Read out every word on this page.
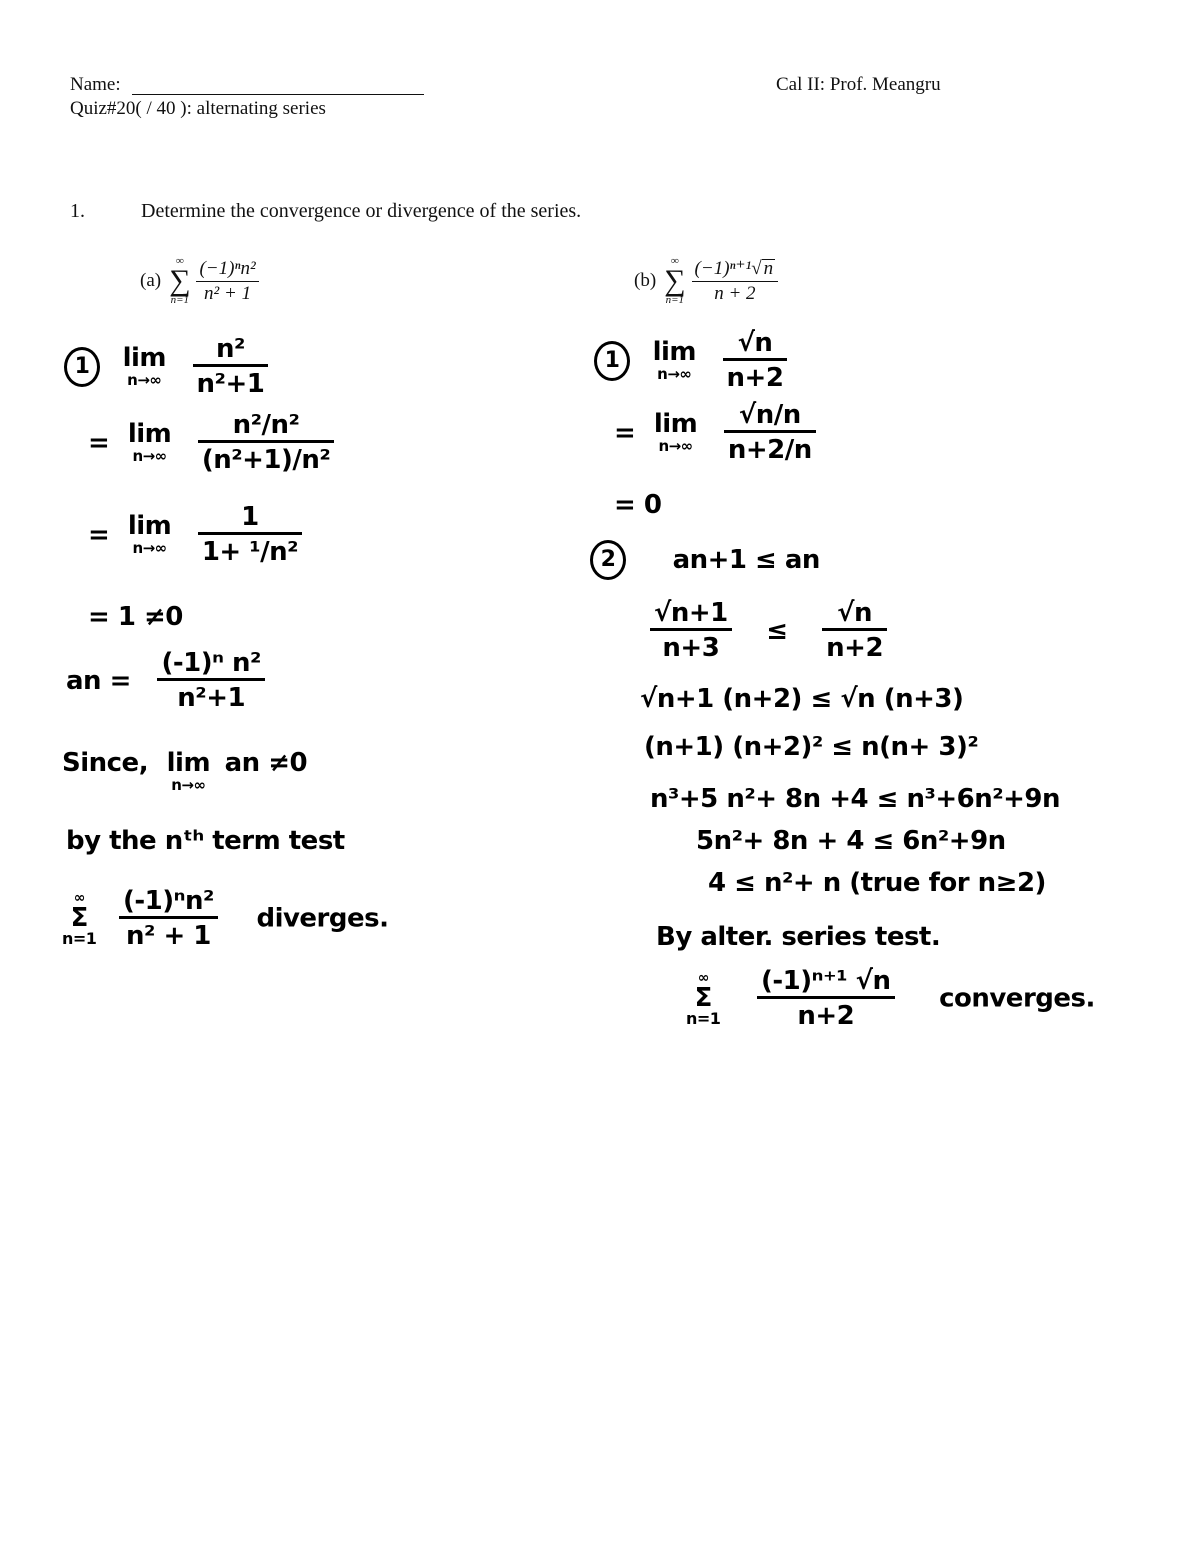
Name:	Cal II: Prof. Meangru
Quiz#20( / 40 ): alternating series
1.	Determine the convergence or divergence of the series.
(a)
∞
∑
n=1
$\frac{\text{(−1)ⁿn²}}{\text{n² + 1}}$	(b)
∞
∑
n=1
$\frac{\text{(−1)ⁿ⁺¹√ n}}{n + 2}$
1 lim
n→∞
$\frac{\text{n²}}{\text{n²+1}}$
= lim
n→∞
$\frac{\text{n²/n²}}{\text{(n²+1)/n²}}$
= lim
n→∞
$\frac{1}{\text{1+ ¹/n²}}$
= 1 ≠0
an = $\frac{\text{(-1)ⁿ n²}}{\text{n²+1}}$
Since, lim
n→∞
an ≠0
by the nᵗʰ term test
∞
Σ
n=1
$\frac{\text{(-1)ⁿn²}}{\text{n² + 1}}$ diverges.
1 lim
n→∞
$\frac{√n}{n+2}$
= lim
n→∞
$\frac{√n/n}{n+2/n}$
= 0
2 an+1 ≤ an
$\frac{√n+1}{n+3} \le \frac{√n}{n+2}$
√n+1 (n+2) ≤ √n (n+3)
(n+1) (n+2)² ≤ n(n+ 3)²
n³+5 n²+ 8n +4 ≤ n³+6n²+9n
5n²+ 8n + 4 ≤ 6n²+9n
4 ≤ n²+ n (true for n≥2)
By alter. series test.
∞
Σ
n=1
$\frac{\text{(-1)ⁿ⁺¹ √n}}{n+2}$ converges.
